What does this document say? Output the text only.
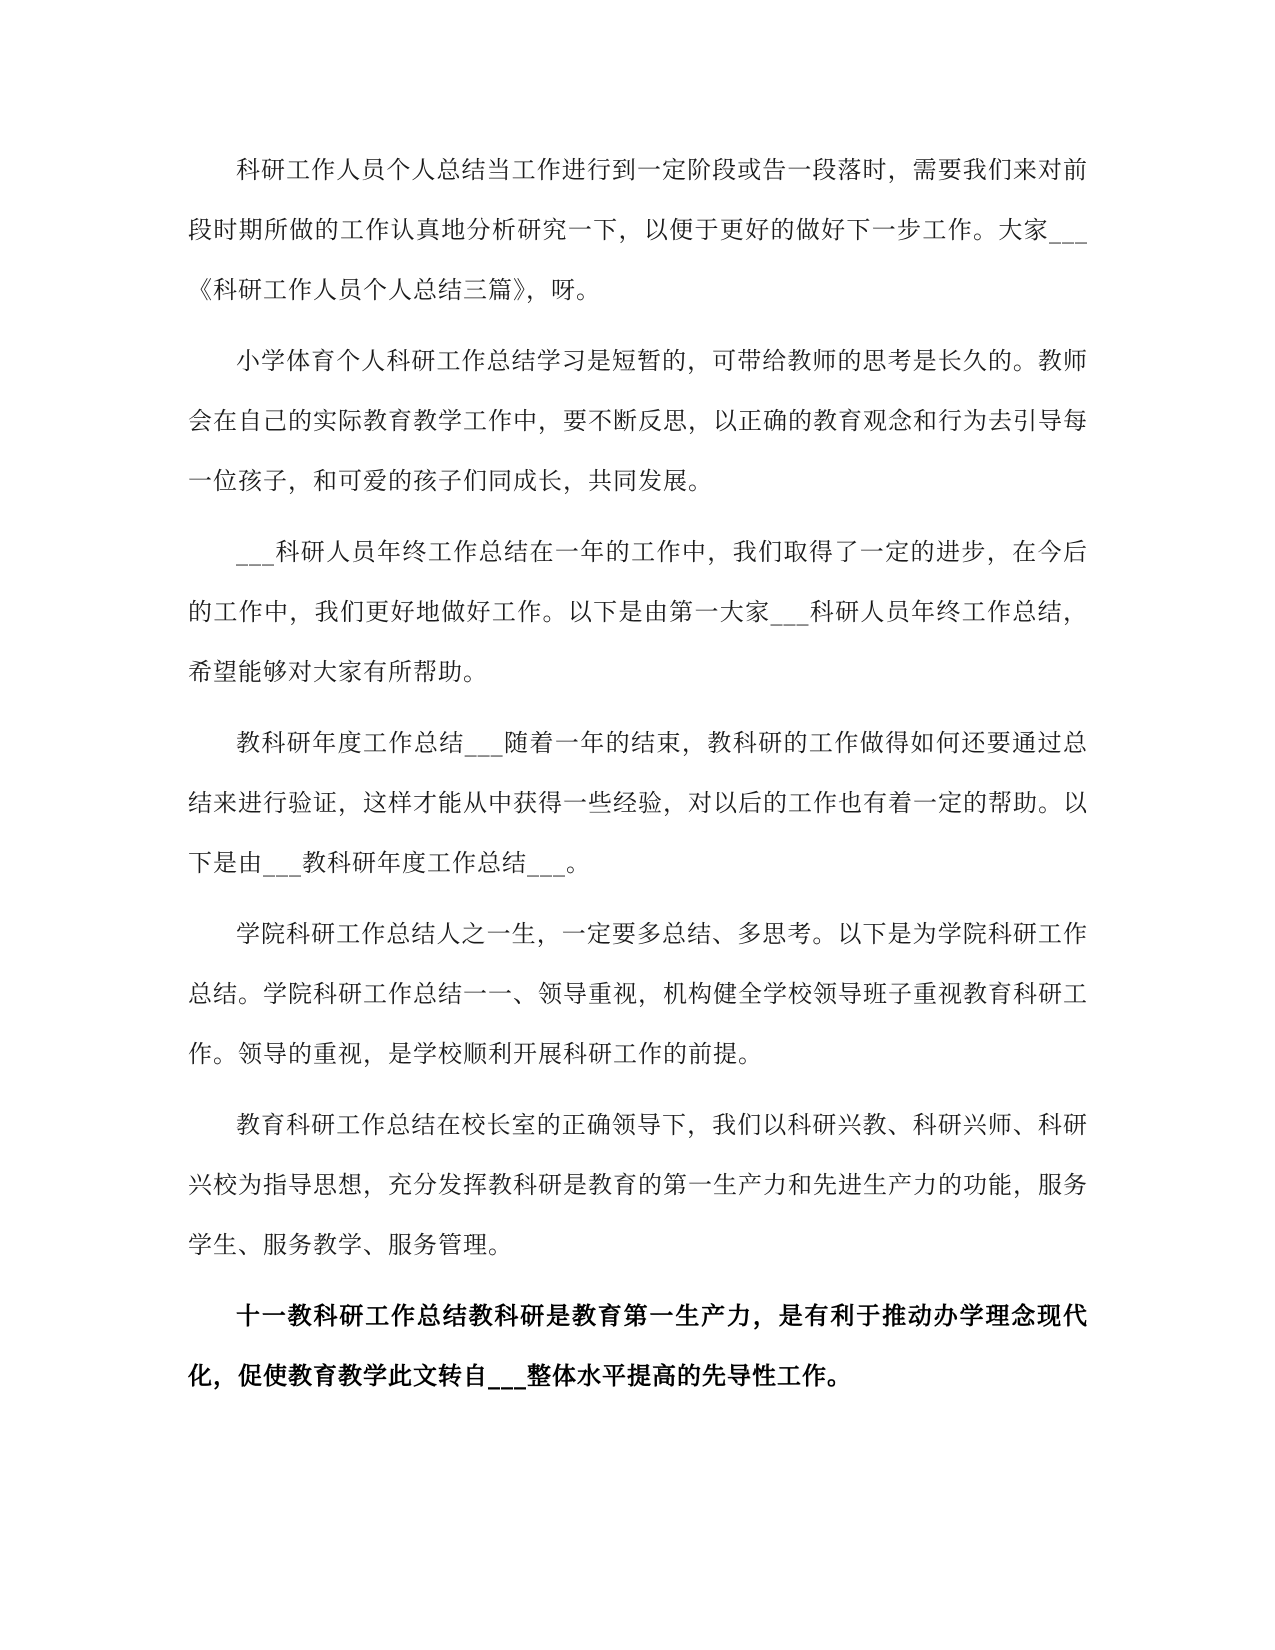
科研工作人员个人总结当工作进行到一定阶段或告一段落时，需要我们来对前段时期所做的工作认真地分析研究一下，以便于更好的做好下一步工作。大家___《科研工作人员个人总结三篇》，呀。

小学体育个人科研工作总结学习是短暂的，可带给教师的思考是长久的。教师会在自己的实际教育教学工作中，要不断反思，以正确的教育观念和行为去引导每一位孩子，和可爱的孩子们同成长，共同发展。

___科研人员年终工作总结在一年的工作中，我们取得了一定的进步，在今后的工作中，我们更好地做好工作。以下是由第一大家___科研人员年终工作总结，希望能够对大家有所帮助。

教科研年度工作总结___随着一年的结束，教科研的工作做得如何还要通过总结来进行验证，这样才能从中获得一些经验，对以后的工作也有着一定的帮助。以下是由___教科研年度工作总结___。

学院科研工作总结人之一生，一定要多总结、多思考。以下是为学院科研工作总结。学院科研工作总结一一、领导重视，机构健全学校领导班子重视教育科研工作。领导的重视，是学校顺利开展科研工作的前提。

教育科研工作总结在校长室的正确领导下，我们以科研兴教、科研兴师、科研兴校为指导思想，充分发挥教科研是教育的第一生产力和先进生产力的功能，服务学生、服务教学、服务管理。

十一教科研工作总结教科研是教育第一生产力，是有利于推动办学理念现代化，促使教育教学此文转自___整体水平提高的先导性工作。
